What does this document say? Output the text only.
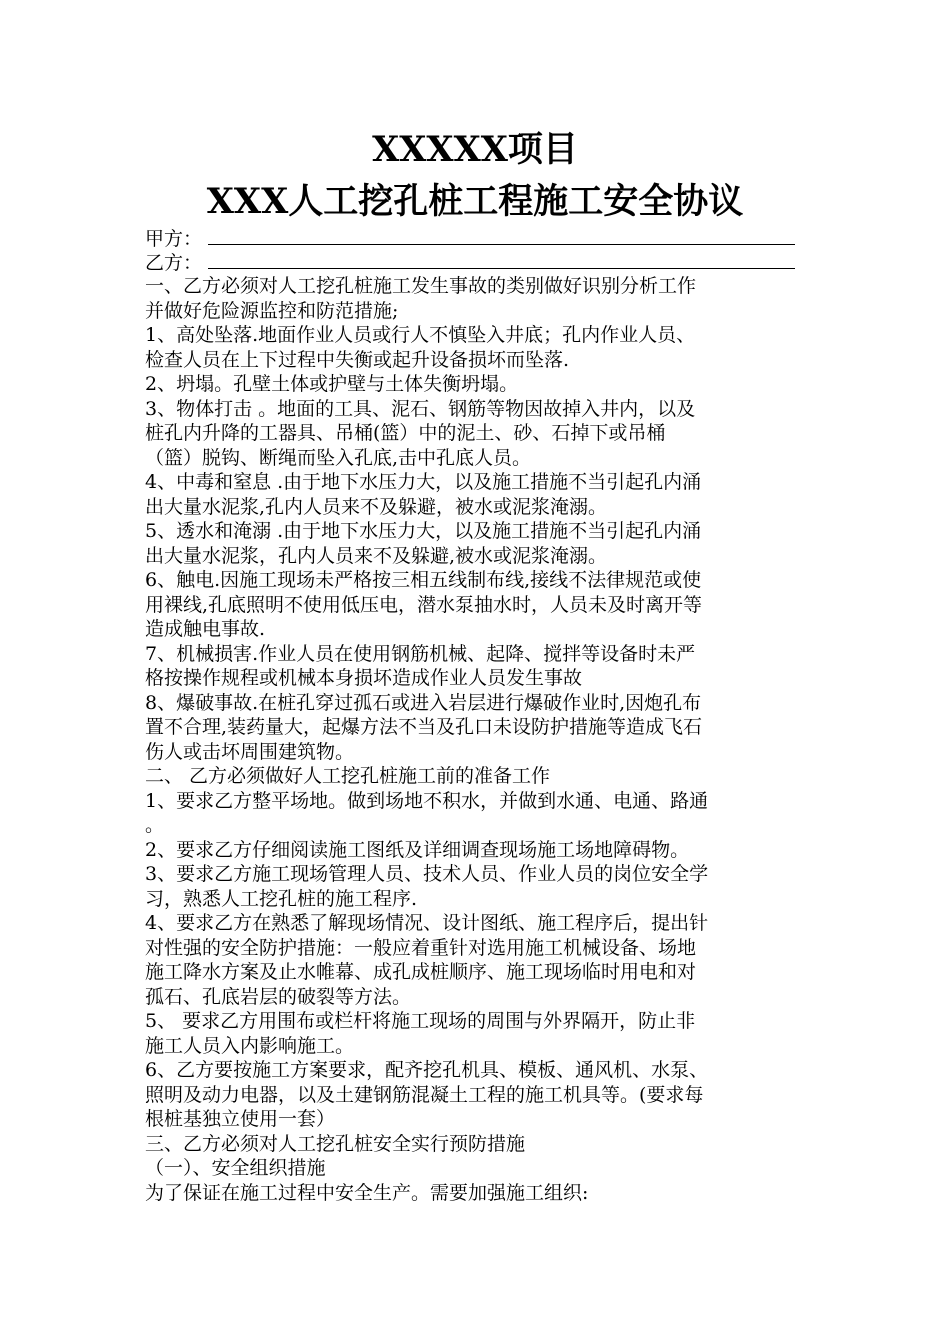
XXXXX项目
XXX人工挖孔桩工程施工安全协议
甲方：
乙方：

一、乙方必须对人工挖孔桩施工发生事故的类别做好识别分析工作

并做好危险源监控和防范措施;

1、高处坠落.地面作业人员或行人不慎坠入井底；孔内作业人员、

检查人员在上下过程中失衡或起升设备损坏而坠落.

2、坍塌。孔壁土体或护壁与土体失衡坍塌。

3、物体打击 。地面的工具、泥石、钢筋等物因故掉入井内，以及

桩孔内升降的工器具、吊桶(篮）中的泥土、砂、石掉下或吊桶

（篮）脱钩、断绳而坠入孔底,击中孔底人员。

4、中毒和窒息 .由于地下水压力大，以及施工措施不当引起孔内涌

出大量水泥浆,孔内人员来不及躲避，被水或泥浆淹溺。

5、透水和淹溺 .由于地下水压力大，以及施工措施不当引起孔内涌

出大量水泥浆，孔内人员来不及躲避,被水或泥浆淹溺。

6、触电.因施工现场未严格按三相五线制布线,接线不法律规范或使

用裸线,孔底照明不使用低压电，潜水泵抽水时，人员未及时离开等

造成触电事故.

7、机械损害.作业人员在使用钢筋机械、起降、搅拌等设备时未严

格按操作规程或机械本身损坏造成作业人员发生事故

8、爆破事故.在桩孔穿过孤石或进入岩层进行爆破作业时,因炮孔布

置不合理,装药量大，起爆方法不当及孔口未设防护措施等造成飞石

伤人或击坏周围建筑物。

二、 乙方必须做好人工挖孔桩施工前的准备工作

1、要求乙方整平场地。做到场地不积水，并做到水通、电通、路通

。

2、要求乙方仔细阅读施工图纸及详细调查现场施工场地障碍物。

3、要求乙方施工现场管理人员、技术人员、作业人员的岗位安全学

习，熟悉人工挖孔桩的施工程序.

4、要求乙方在熟悉了解现场情况、设计图纸、施工程序后，提出针

对性强的安全防护措施：一般应着重针对选用施工机械设备、场地

施工降水方案及止水帷幕、成孔成桩顺序、施工现场临时用电和对

孤石、孔底岩层的破裂等方法。

5、 要求乙方用围布或栏杆将施工现场的周围与外界隔开，防止非

施工人员入内影响施工。

6、乙方要按施工方案要求，配齐挖孔机具、模板、通风机、水泵、

照明及动力电器，以及土建钢筋混凝土工程的施工机具等。(要求每

根桩基独立使用一套）

三、乙方必须对人工挖孔桩安全实行预防措施

（一）、安全组织措施

为了保证在施工过程中安全生产。需要加强施工组织:
